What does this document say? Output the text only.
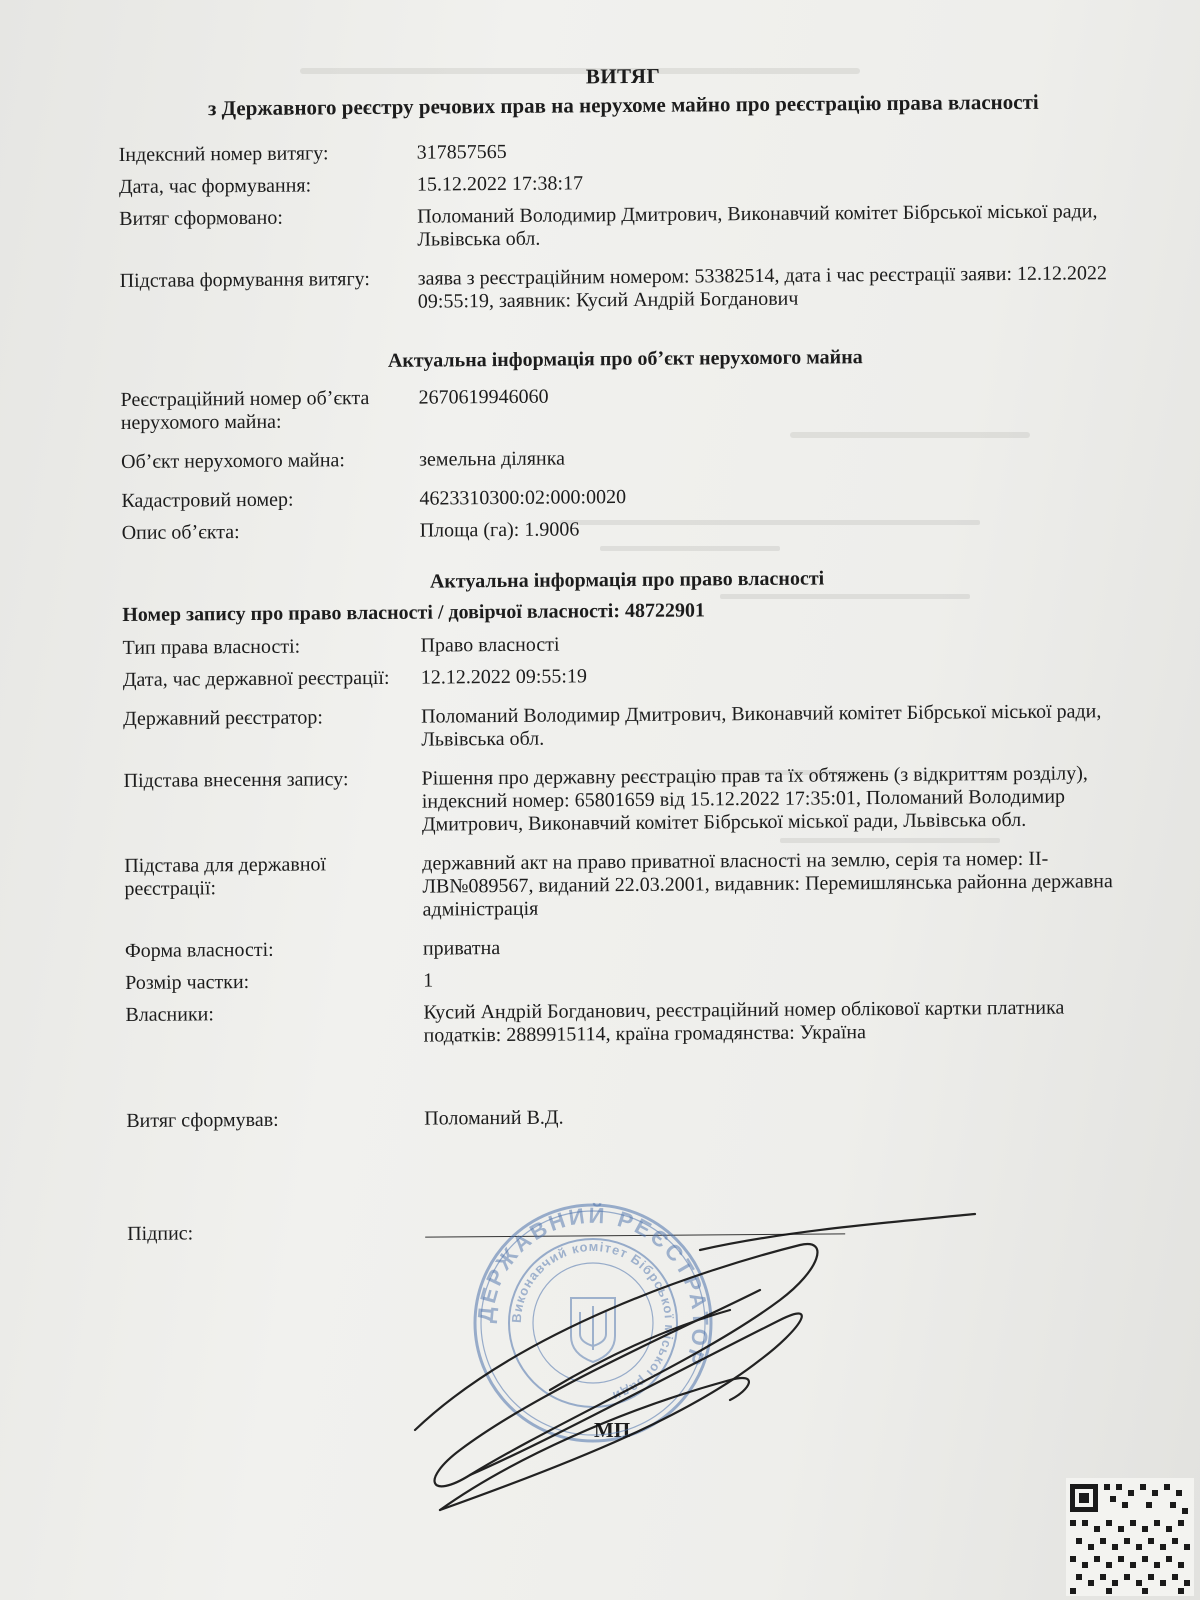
ВИТЯГ
з Державного реєстру речових прав на нерухоме майно про реєстрацію права власності
Індексний номер витягу:	317857565
Дата, час формування:	15.12.2022 17:38:17
Витяг сформовано:	Поломаний Володимир Дмитрович, Виконавчий комітет Бібрської міської ради, Львівська обл.
Підстава формування витягу:	заява з реєстраційним номером: 53382514, дата і час реєстрації заяви: 12.12.2022 09:55:19, заявник: Кусий Андрій Богданович
Актуальна інформація про об’єкт нерухомого майна
Реєстраційний номер об’єкта нерухомого майна:
2670619946060
Об’єкт нерухомого майна:	земельна ділянка
Кадастровий номер:	4623310300:02:000:0020
Опис об’єкта:	Площа (га): 1.9006
Актуальна інформація про право власності
Номер запису про право власності / довірчої власності: 48722901
Тип права власності:	Право власності
Дата, час державної реєстрації:	12.12.2022 09:55:19
Державний реєстратор:	Поломаний Володимир Дмитрович, Виконавчий комітет Бібрської міської ради, Львівська обл.
Підстава внесення запису:	Рішення про державну реєстрацію прав та їх обтяжень (з відкриттям розділу), індексний номер: 65801659 від 15.12.2022 17:35:01, Поломаний Володимир Дмитрович, Виконавчий комітет Бібрської міської ради, Львівська обл.
Підстава для державної реєстрації:
державний акт на право приватної власності на землю, серія та номер: ІІ-ЛВ№089567, виданий 22.03.2001, видавник: Перемишлянська районна державна адміністрація
Форма власності:	приватна
Розмір частки:	1
Власники:	Кусий Андрій Богданович, реєстраційний номер облікової картки платника податків: 2889915114, країна громадянства: Україна
Витяг сформував:	Поломаний В.Д.
Підпис:
МП
ДЕРЖАВНИЙ РЕЄСТРАТОР
Виконавчий комітет Бібрської міської ради
